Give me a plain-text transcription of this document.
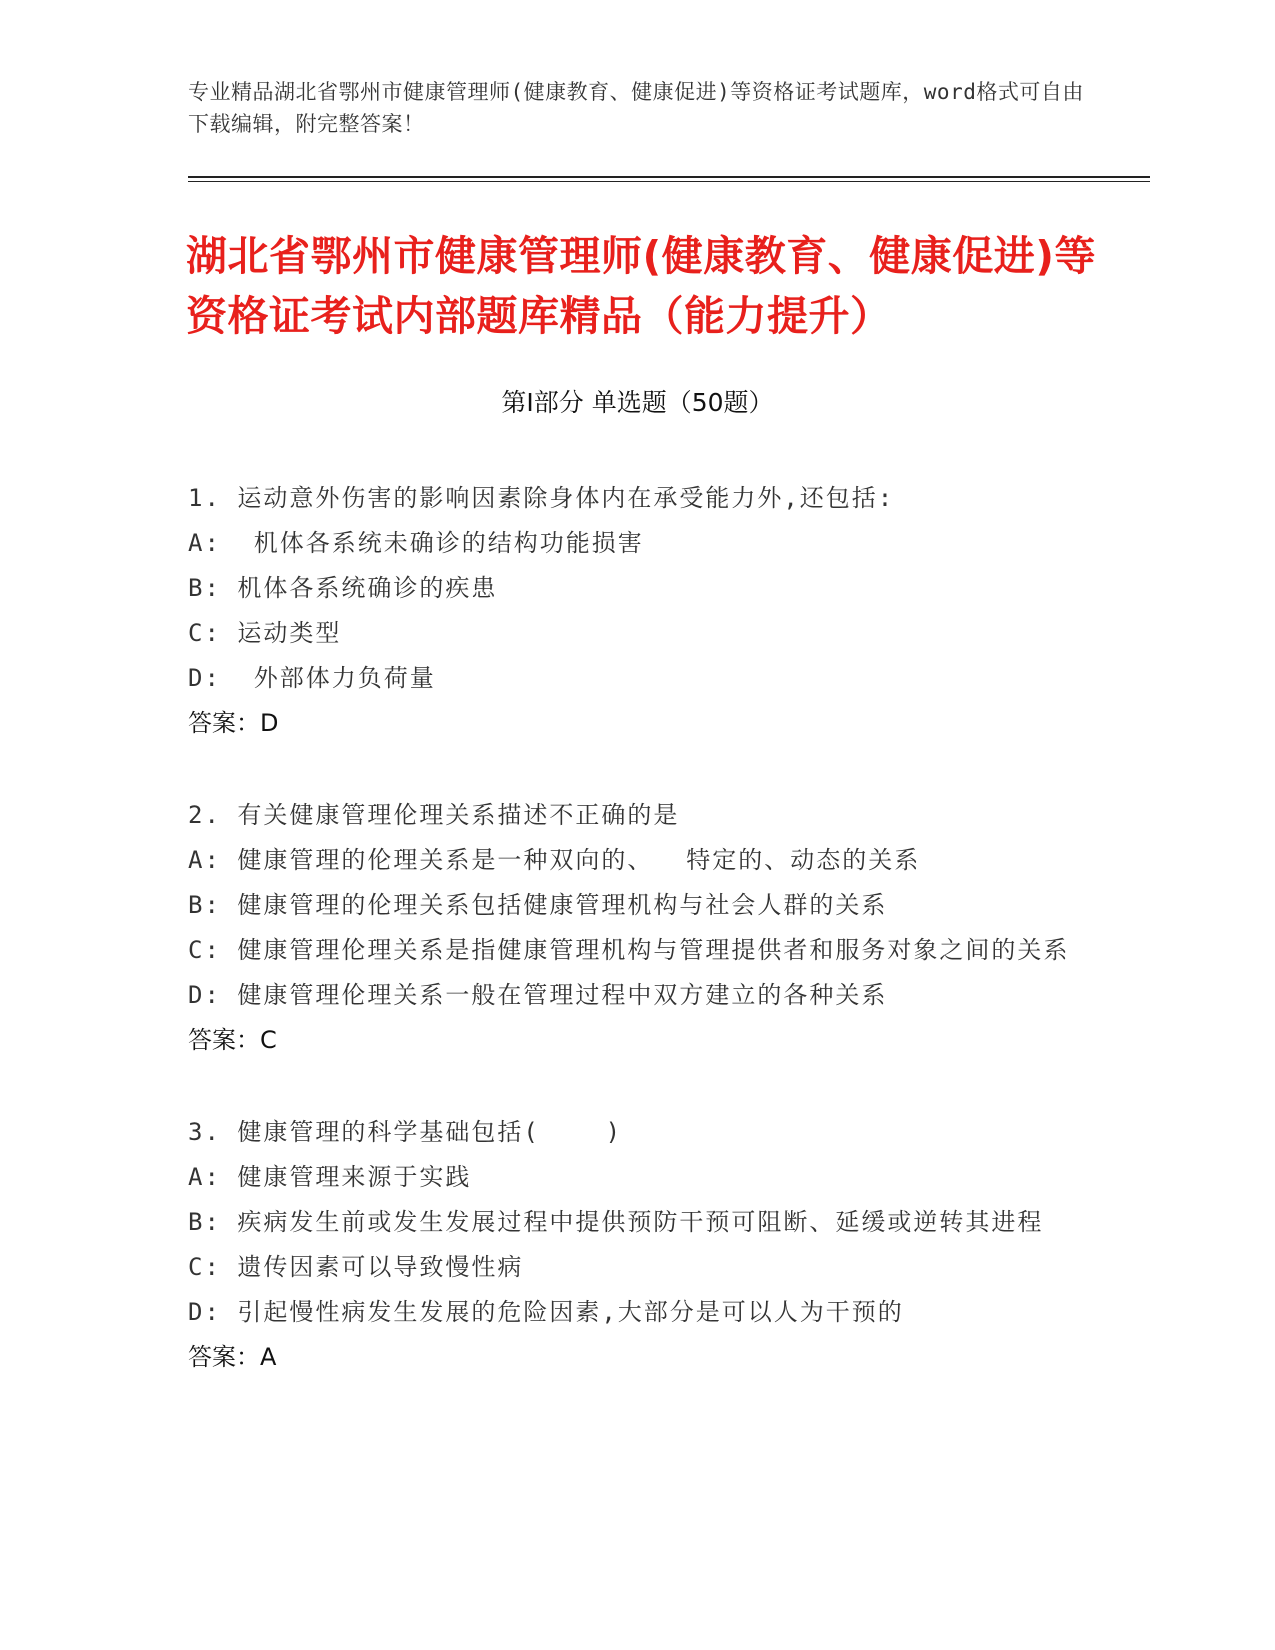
专业精品湖北省鄂州市健康管理师(健康教育、健康促进)等资格证考试题库，word格式可自由下载编辑，附完整答案！
湖北省鄂州市健康管理师(健康教育、健康促进)等资格证考试内部题库精品（能力提升）
第Ⅰ部分 单选题（50题）
1. 运动意外伤害的影响因素除身体内在承受能力外,还包括:
A:  机体各系统未确诊的结构功能损害
B: 机体各系统确诊的疾患
C: 运动类型
D:  外部体力负荷量
答案：D
2. 有关健康管理伦理关系描述不正确的是
A: 健康管理的伦理关系是一种双向的、  特定的、动态的关系
B: 健康管理的伦理关系包括健康管理机构与社会人群的关系
C: 健康管理伦理关系是指健康管理机构与管理提供者和服务对象之间的关系
D: 健康管理伦理关系一般在管理过程中双方建立的各种关系
答案：C
3. 健康管理的科学基础包括(    )
A: 健康管理来源于实践
B: 疾病发生前或发生发展过程中提供预防干预可阻断、延缓或逆转其进程
C: 遗传因素可以导致慢性病
D: 引起慢性病发生发展的危险因素,大部分是可以人为干预的
答案：A
